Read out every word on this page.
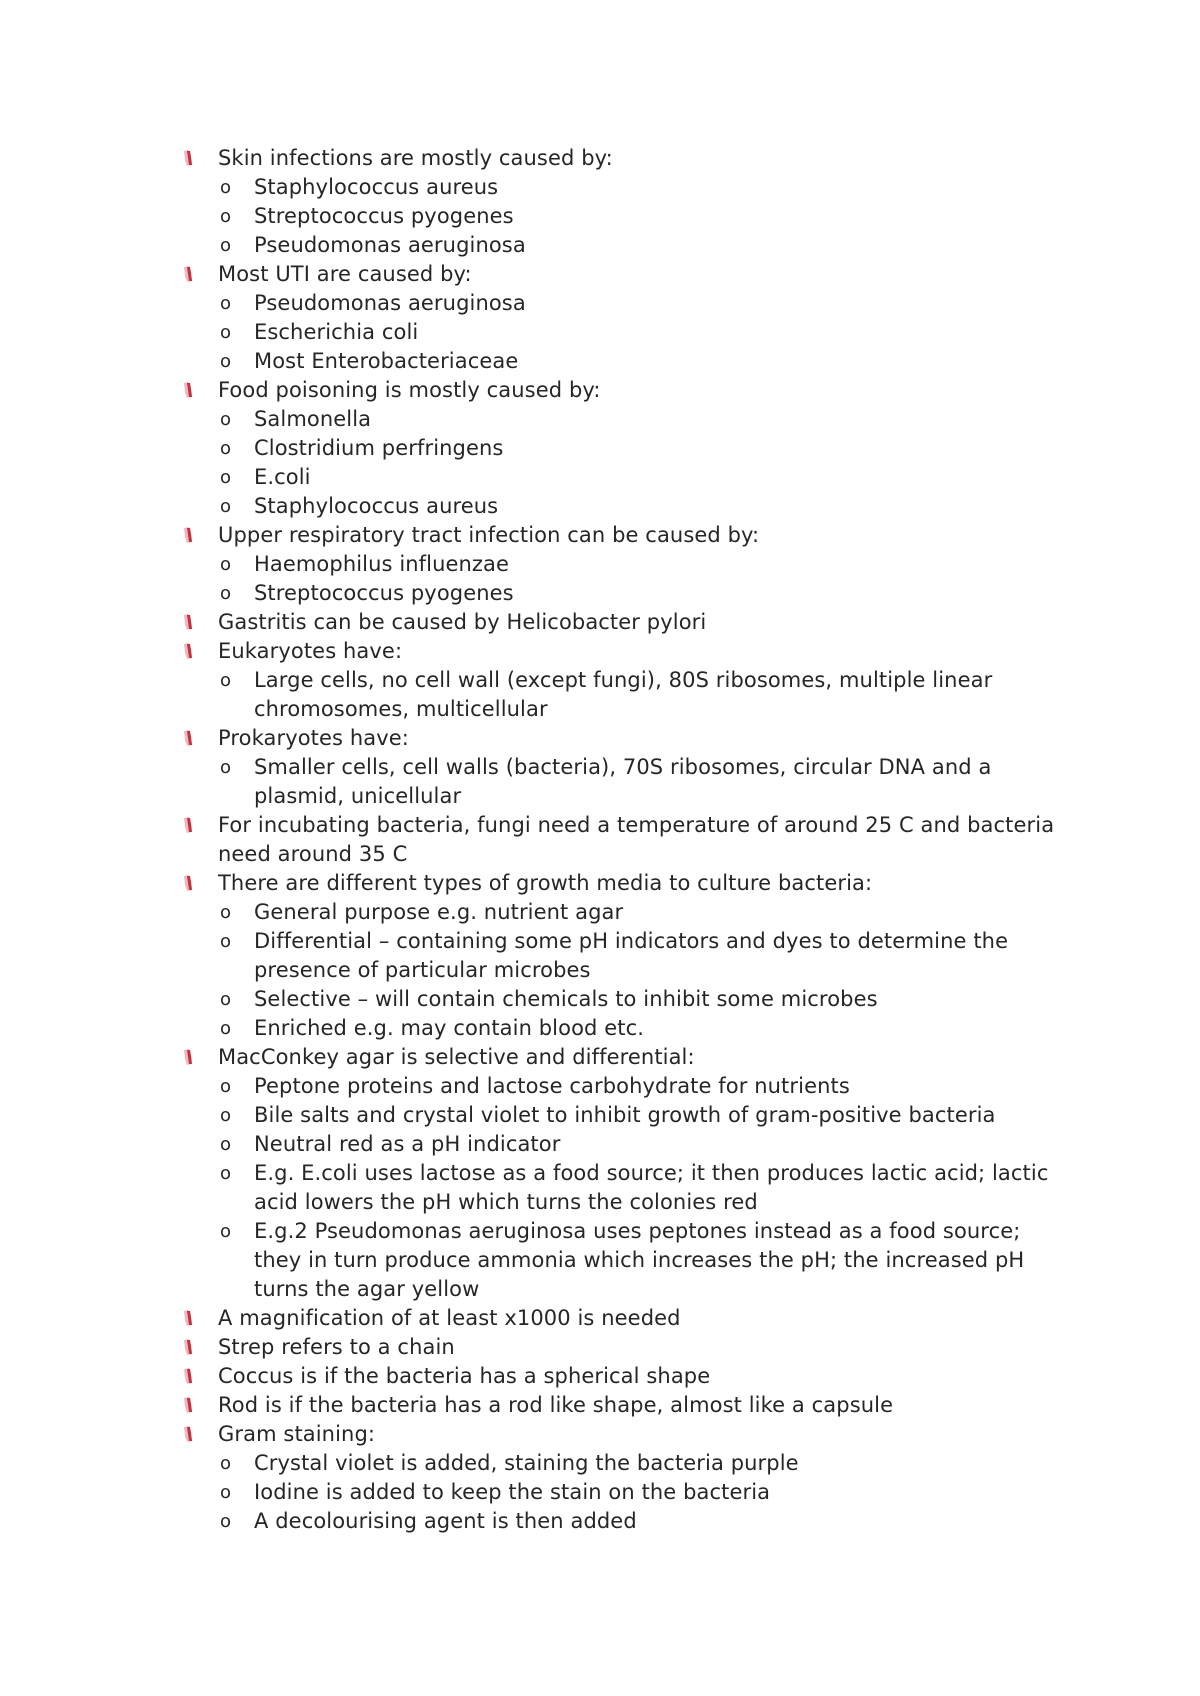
Skin infections are mostly caused by:
o	Staphylococcus aureus
o	Streptococcus pyogenes
o	Pseudomonas aeruginosa
Most UTI are caused by:
o	Pseudomonas aeruginosa
o	Escherichia coli
o	Most Enterobacteriaceae
Food poisoning is mostly caused by:
o	Salmonella
o	Clostridium perfringens
o	E.coli
o	Staphylococcus aureus
Upper respiratory tract infection can be caused by:
o	Haemophilus influenzae
o	Streptococcus pyogenes
Gastritis can be caused by Helicobacter pylori
Eukaryotes have:
o	Large cells, no cell wall (except fungi), 80S ribosomes, multiple linear chromosomes, multicellular
Prokaryotes have:
o	Smaller cells, cell walls (bacteria), 70S ribosomes, circular DNA and a plasmid, unicellular
For incubating bacteria, fungi need a temperature of around 25 C and bacteria need around 35 C
There are different types of growth media to culture bacteria:
o	General purpose e.g. nutrient agar
o	Differential – containing some pH indicators and dyes to determine the presence of particular microbes
o	Selective – will contain chemicals to inhibit some microbes
o	Enriched e.g. may contain blood etc.
MacConkey agar is selective and differential:
o	Peptone proteins and lactose carbohydrate for nutrients
o	Bile salts and crystal violet to inhibit growth of gram-positive bacteria
o	Neutral red as a pH indicator
o	E.g. E.coli uses lactose as a food source; it then produces lactic acid; lactic acid lowers the pH which turns the colonies red
o	E.g.2 Pseudomonas aeruginosa uses peptones instead as a food source; they in turn produce ammonia which increases the pH; the increased pH turns the agar yellow
A magnification of at least x1000 is needed
Strep refers to a chain
Coccus is if the bacteria has a spherical shape
Rod is if the bacteria has a rod like shape, almost like a capsule
Gram staining:
o	Crystal violet is added, staining the bacteria purple
o	Iodine is added to keep the stain on the bacteria
o	A decolourising agent is then added
